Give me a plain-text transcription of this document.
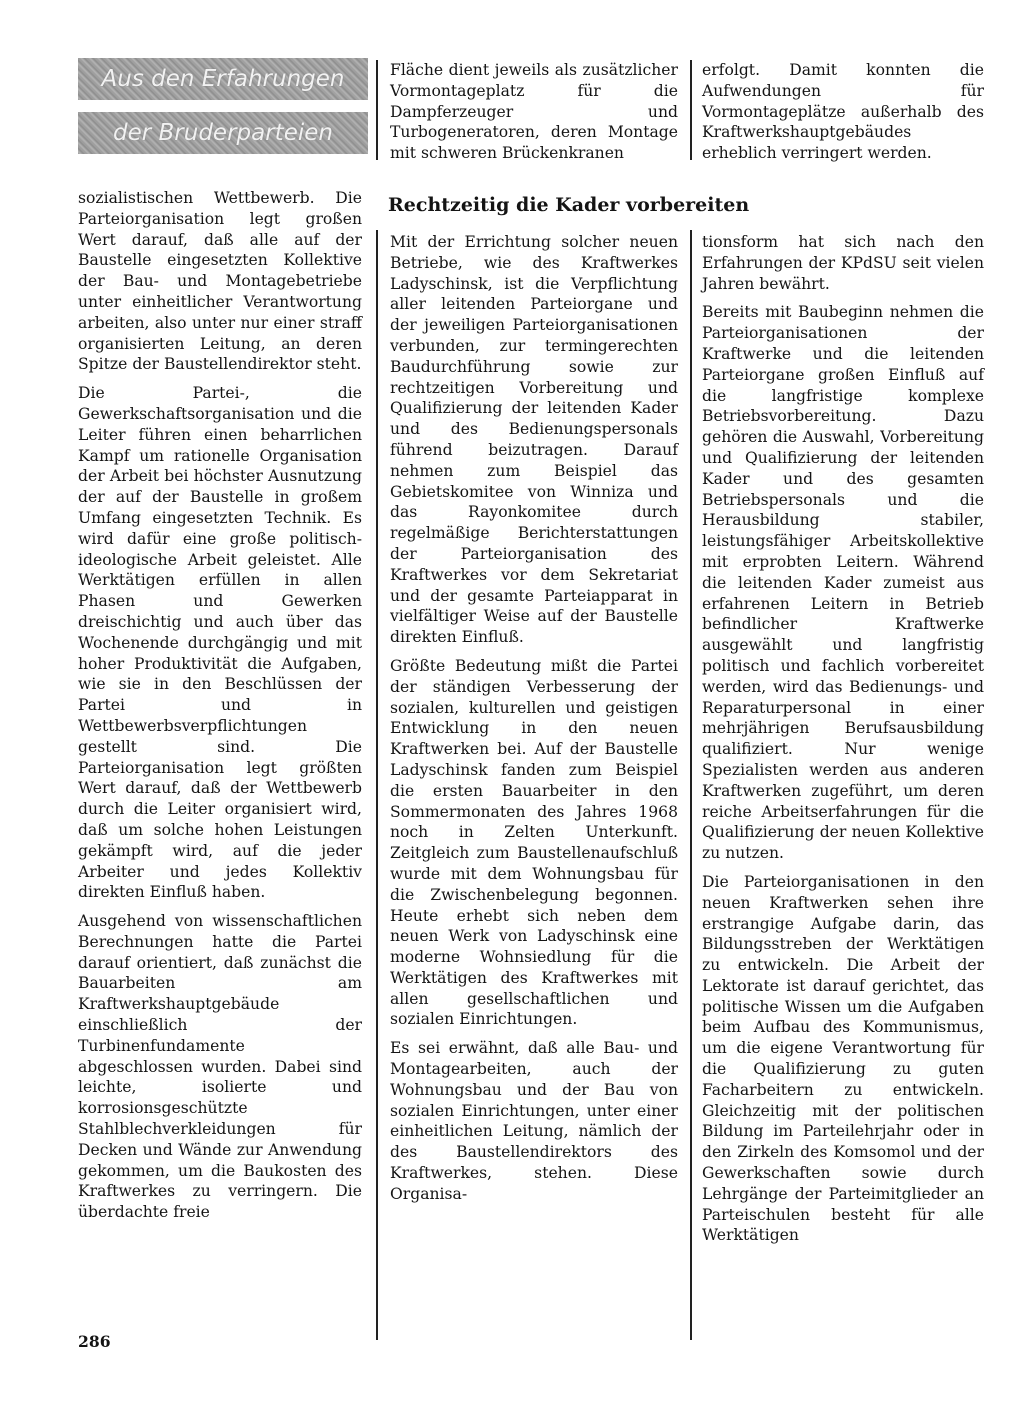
Aus den Erfahrungen
der Bruderparteien

sozialistischen Wettbewerb. Die Parteiorganisation legt großen Wert darauf, daß alle auf der Baustelle eingesetzten Kollektive der Bau- und Montagebetriebe unter einheitlicher Verantwortung arbeiten, also unter nur einer straff organisierten Leitung, an deren Spitze der Baustellendirektor steht.

Die Partei-, die Gewerkschaftsorganisation und die Leiter führen einen beharrlichen Kampf um rationelle Organisation der Arbeit bei höchster Ausnutzung der auf der Baustelle in großem Umfang eingesetzten Technik. Es wird dafür eine große politisch-ideologische Arbeit geleistet. Alle Werktätigen erfüllen in allen Phasen und Gewerken dreischichtig und auch über das Wochenende durchgängig und mit hoher Produktivität die Aufgaben, wie sie in den Beschlüssen der Partei und in Wettbewerbsverpflichtungen gestellt sind. Die Parteiorganisation legt größten Wert darauf, daß der Wettbewerb durch die Leiter organisiert wird, daß um solche hohen Leistungen gekämpft wird, auf die jeder Arbeiter und jedes Kollektiv direkten Einfluß haben.

Ausgehend von wissenschaftlichen Berechnungen hatte die Partei darauf orientiert, daß zunächst die Bauarbeiten am Kraftwerkshauptgebäude einschließlich der Turbinenfundamente abgeschlossen wurden. Dabei sind leichte, isolierte und korrosionsgeschützte Stahlblechverkleidungen für Decken und Wände zur Anwendung gekommen, um die Baukosten des Kraftwerkes zu verringern. Die überdachte freie

Fläche dient jeweils als zusätzlicher Vormontageplatz für die Dampferzeuger und Turbogeneratoren, deren Montage mit schweren Brückenkranen

erfolgt. Damit konnten die Aufwendungen für Vormontageplätze außerhalb des Kraftwerkshauptgebäudes erheblich verringert werden.

Rechtzeitig die Kader vorbereiten

Mit der Errichtung solcher neuen Betriebe, wie des Kraftwerkes Ladyschinsk, ist die Verpflichtung aller leitenden Parteiorgane und der jeweiligen Parteiorganisationen verbunden, zur termingerechten Baudurchführung sowie zur rechtzeitigen Vorbereitung und Qualifizierung der leitenden Kader und des Bedienungspersonals führend beizutragen. Darauf nehmen zum Beispiel das Gebietskomitee von Winniza und das Rayonkomitee durch regelmäßige Berichterstattungen der Parteiorganisation des Kraftwerkes vor dem Sekretariat und der gesamte Parteiapparat in vielfältiger Weise auf der Baustelle direkten Einfluß.

Größte Bedeutung mißt die Partei der ständigen Verbesserung der sozialen, kulturellen und geistigen Entwicklung in den neuen Kraftwerken bei. Auf der Baustelle Ladyschinsk fanden zum Beispiel die ersten Bauarbeiter in den Sommermonaten des Jahres 1968 noch in Zelten Unterkunft. Zeitgleich zum Baustellenaufschluß wurde mit dem Wohnungsbau für die Zwischenbelegung begonnen. Heute erhebt sich neben dem neuen Werk von Ladyschinsk eine moderne Wohnsiedlung für die Werktätigen des Kraftwerkes mit allen gesellschaftlichen und sozialen Einrichtungen.

Es sei erwähnt, daß alle Bau- und Montagearbeiten, auch der Wohnungsbau und der Bau von sozialen Einrichtungen, unter einer einheitlichen Leitung, nämlich der des Baustellendirektors des Kraftwerkes, stehen. Diese Organisa-

tionsform hat sich nach den Erfahrungen der KPdSU seit vielen Jahren bewährt.

Bereits mit Baubeginn nehmen die Parteiorganisationen der Kraftwerke und die leitenden Parteiorgane großen Einfluß auf die langfristige komplexe Betriebsvorbereitung. Dazu gehören die Auswahl, Vorbereitung und Qualifizierung der leitenden Kader und des gesamten Betriebspersonals und die Herausbildung stabiler, leistungsfähiger Arbeitskollektive mit erprobten Leitern. Während die leitenden Kader zumeist aus erfahrenen Leitern in Betrieb befindlicher Kraftwerke ausgewählt und langfristig politisch und fachlich vorbereitet werden, wird das Bedienungs- und Reparaturpersonal in einer mehrjährigen Berufsausbildung qualifiziert. Nur wenige Spezialisten werden aus anderen Kraftwerken zugeführt, um deren reiche Arbeitserfahrungen für die Qualifizierung der neuen Kollektive zu nutzen.

Die Parteiorganisationen in den neuen Kraftwerken sehen ihre erstrangige Aufgabe darin, das Bildungsstreben der Werktätigen zu entwickeln. Die Arbeit der Lektorate ist darauf gerichtet, das politische Wissen um die Aufgaben beim Aufbau des Kommunismus, um die eigene Verantwortung für die Qualifizierung zu guten Facharbeitern zu entwickeln. Gleichzeitig mit der politischen Bildung im Parteilehrjahr oder in den Zirkeln des Komsomol und der Gewerkschaften sowie durch Lehrgänge der Parteimitglieder an Parteischulen besteht für alle Werktätigen

286
